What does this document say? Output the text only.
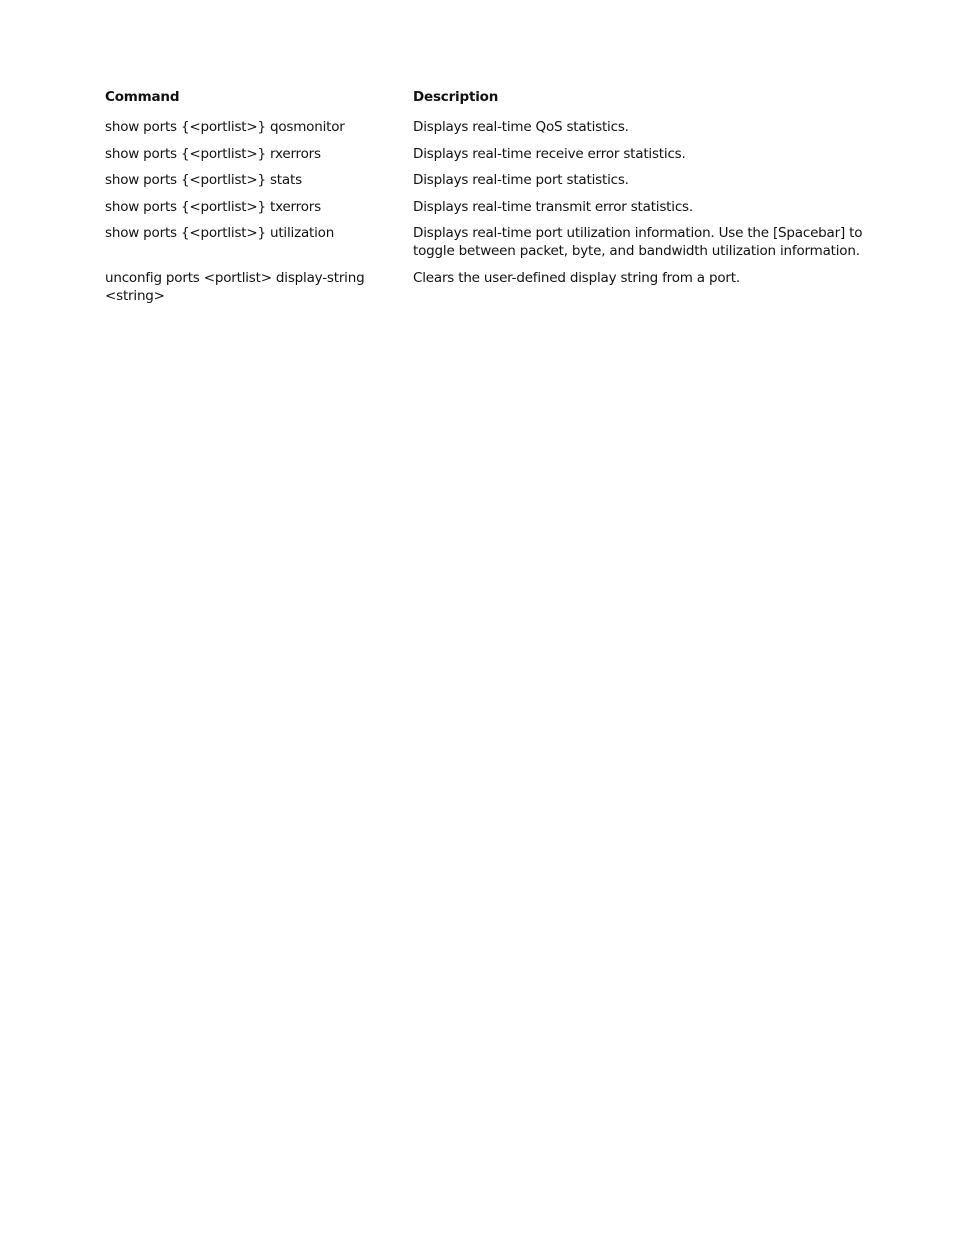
Command	Description
show ports {<portlist>} qosmonitor	Displays real-time QoS statistics.
show ports {<portlist>} rxerrors	Displays real-time receive error statistics.
show ports {<portlist>} stats	Displays real-time port statistics.
show ports {<portlist>} txerrors	Displays real-time transmit error statistics.
show ports {<portlist>} utilization	Displays real-time port utilization information. Use the [Spacebar] to toggle between packet, byte, and bandwidth utilization information.
unconfig ports <portlist> display-string <string>	Clears the user-defined display string from a port.
